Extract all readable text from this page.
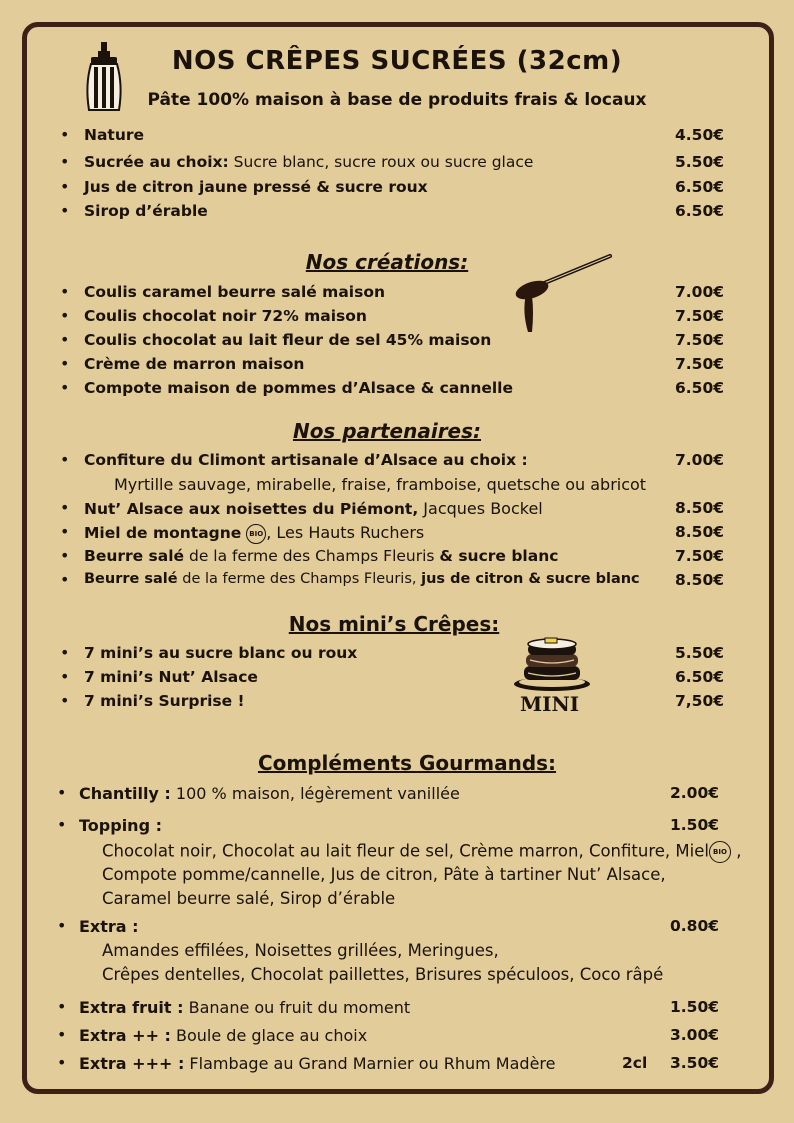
NOS CRÊPES SUCRÉES (32cm)
Pâte 100% maison à base de produits frais & locaux
• Nature	4.50€
• Sucrée au choix: Sucre blanc, sucre roux ou sucre glace	5.50€
• Jus de citron jaune pressé & sucre roux	6.50€
• Sirop d’érable	6.50€
Nos créations:
• Coulis caramel beurre salé maison	7.00€
• Coulis chocolat noir 72% maison	7.50€
• Coulis chocolat au lait fleur de sel 45% maison	7.50€
• Crème de marron maison	7.50€
• Compote maison de pommes d’Alsace & cannelle	6.50€
Nos partenaires:
• Confiture du Climont artisanale d’Alsace au choix :	7.00€
Myrtille sauvage, mirabelle, fraise, framboise, quetsche ou abricot
• Nut’ Alsace aux noisettes du Piémont, Jacques Bockel	8.50€
• Miel de montagne BIO , Les Hauts Ruchers	8.50€
• Beurre salé de la ferme des Champs Fleuris & sucre blanc	7.50€
• Beurre salé de la ferme des Champs Fleuris, jus de citron & sucre blanc 8.50€
Nos mini’s Crêpes:
MINI
• 7 mini’s au sucre blanc ou roux	5.50€
• 7 mini’s Nut’ Alsace	6.50€
• 7 mini’s Surprise !	7,50€
Compléments Gourmands:
• Chantilly : 100 % maison, légèrement vanillée	2.00€
• Topping :	1.50€
Chocolat noir, Chocolat au lait fleur de sel, Crème marron, Confiture, Miel BIO ,
Compote pomme/cannelle, Jus de citron, Pâte à tartiner Nut’ Alsace,
Caramel beurre salé, Sirop d’érable
• Extra :	0.80€
Amandes effilées, Noisettes grillées, Meringues,
Crêpes dentelles, Chocolat paillettes, Brisures spéculoos, Coco râpé
• Extra fruit : Banane ou fruit du moment	1.50€
• Extra ++ : Boule de glace au choix	3.00€
• Extra +++ : Flambage au Grand Marnier ou Rhum Madère	2cl 3.50€
